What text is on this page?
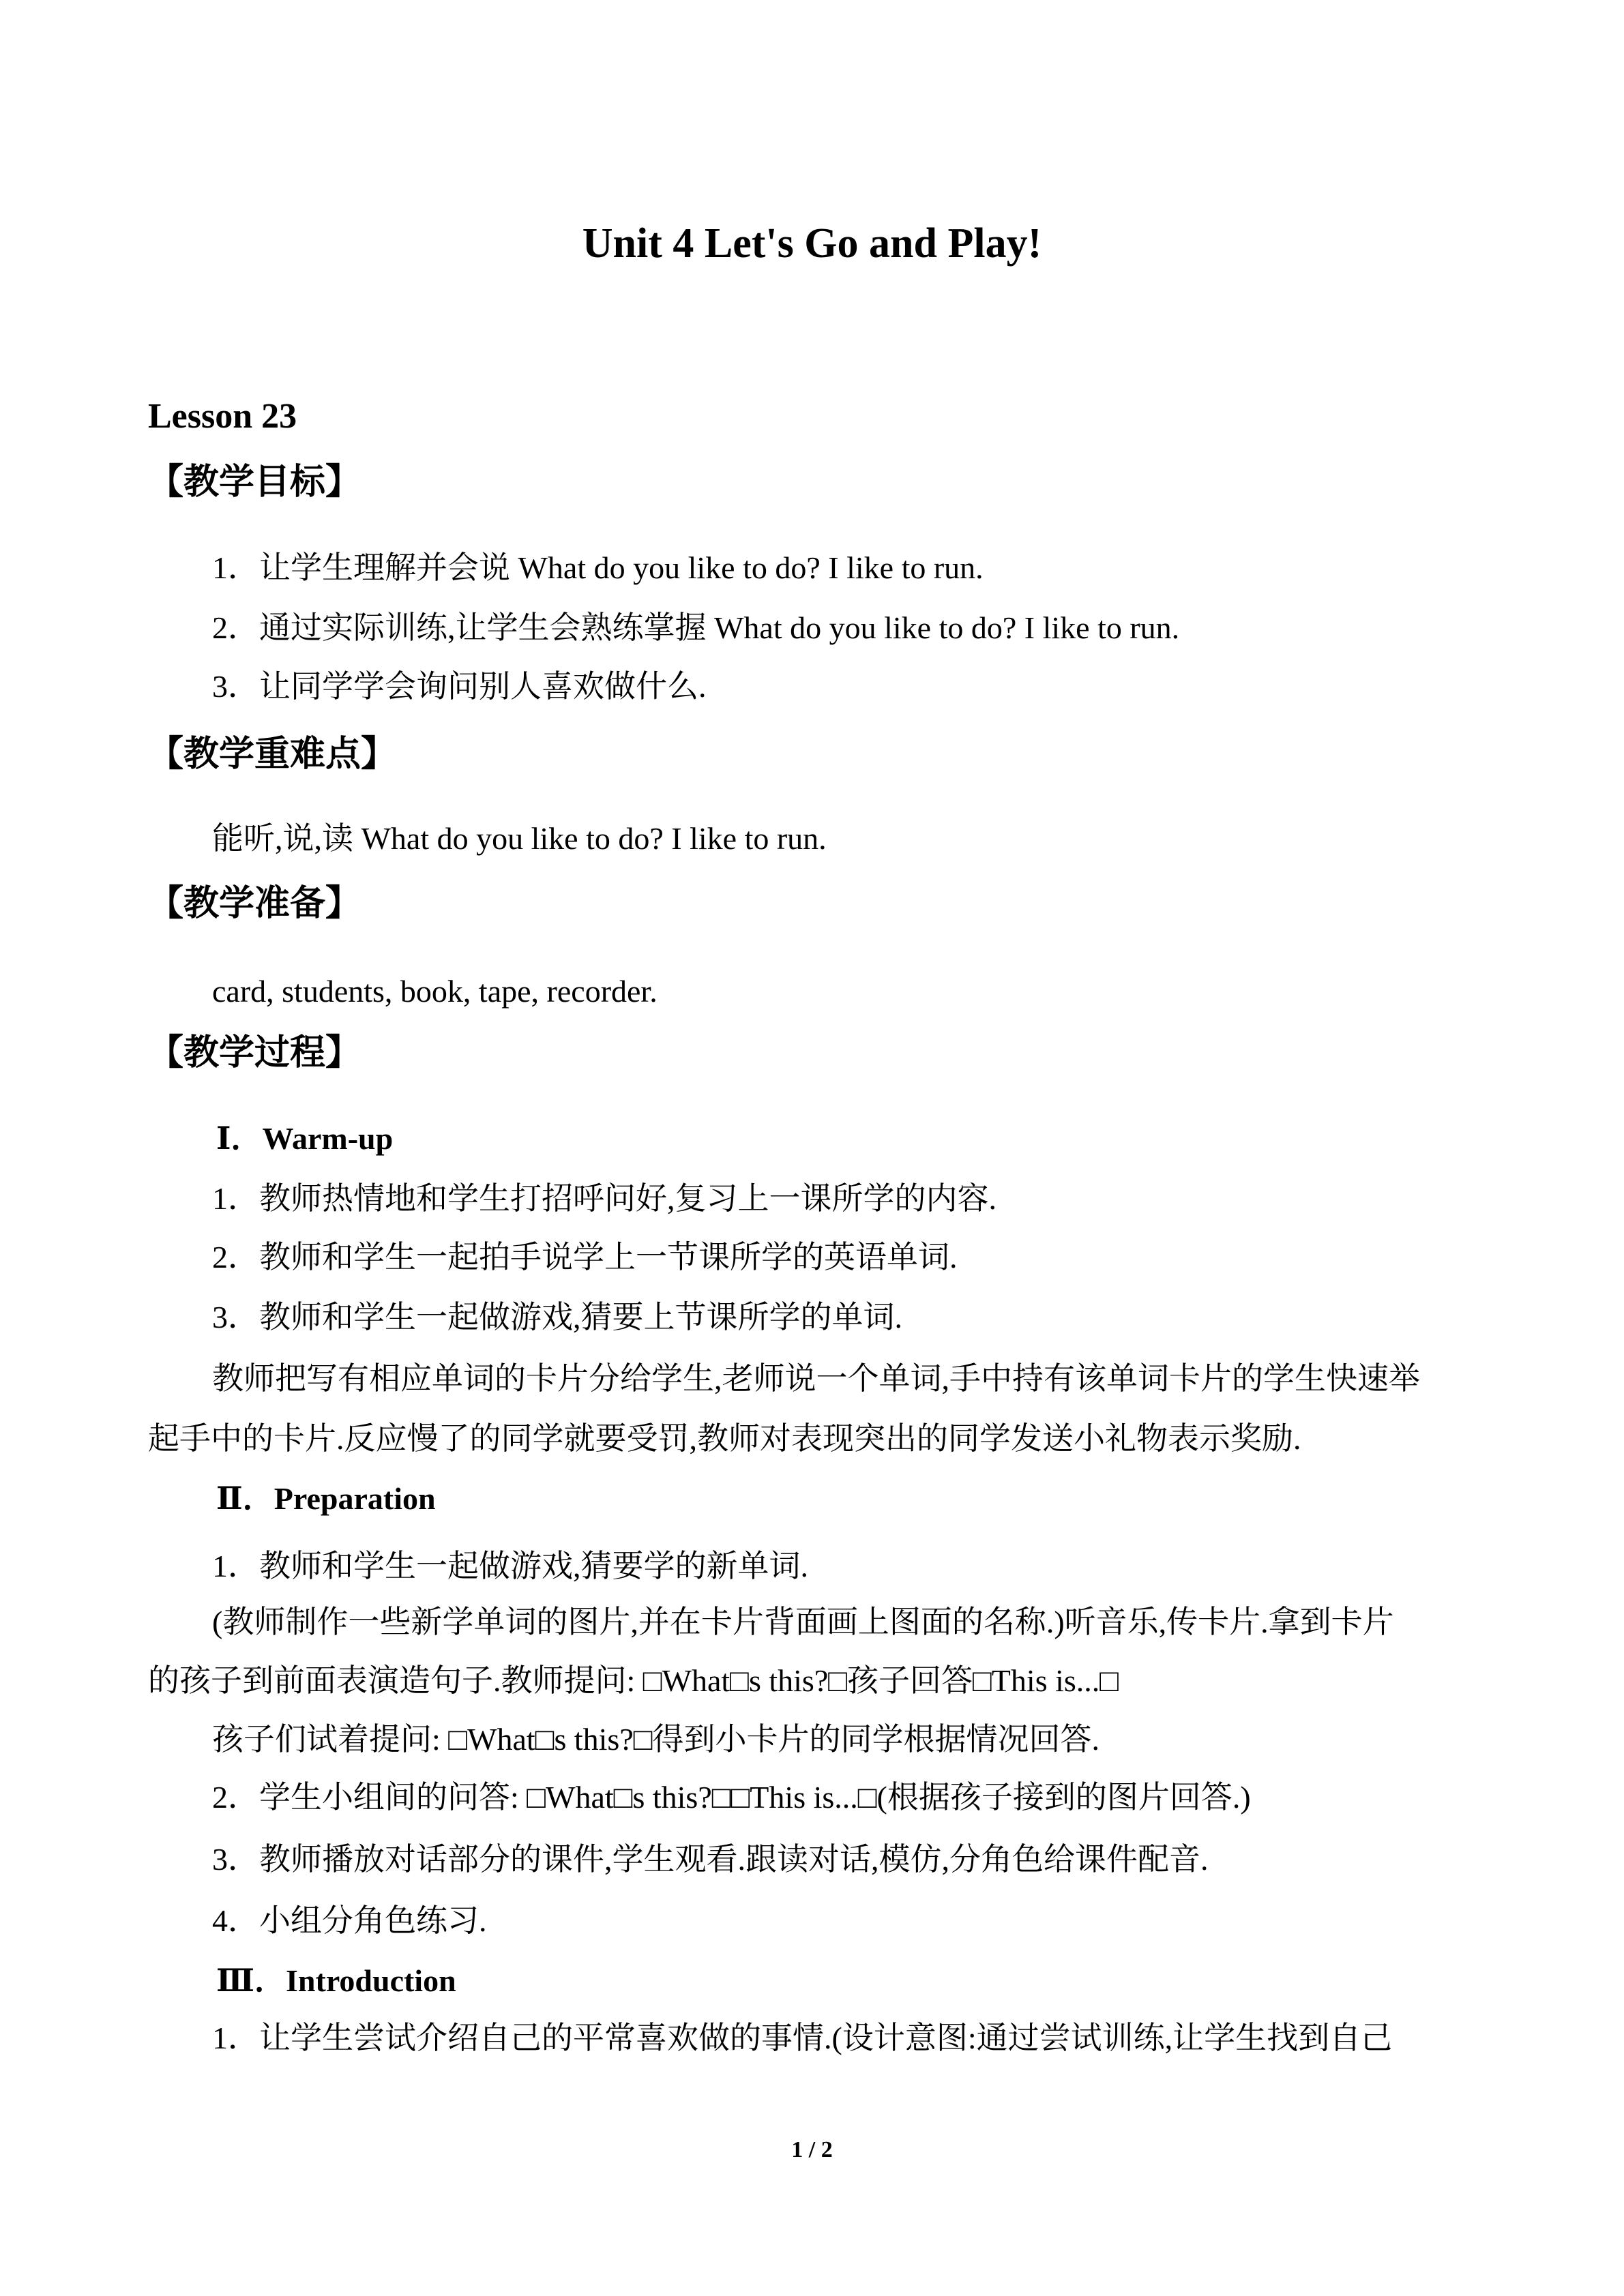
Unit 4 Let's Go and Play!
Lesson 23
【教学目标】
1．让学生理解并会说 What do you like to do? I like to run.
2．通过实际训练,让学生会熟练掌握 What do you like to do? I like to run.
3．让同学学会询问别人喜欢做什么.
【教学重难点】
能听,说,读 What do you like to do? I like to run.
【教学准备】
card, students, book, tape, recorder.
【教学过程】
Ⅰ．Warm-up
1．教师热情地和学生打招呼问好,复习上一课所学的内容.
2．教师和学生一起拍手说学上一节课所学的英语单词.
3．教师和学生一起做游戏,猜要上节课所学的单词.
教师把写有相应单词的卡片分给学生,老师说一个单词,手中持有该单词卡片的学生快速举
起手中的卡片.反应慢了的同学就要受罚,教师对表现突出的同学发送小礼物表示奖励.
Ⅱ．Preparation
1．教师和学生一起做游戏,猜要学的新单词.
(教师制作一些新学单词的图片,并在卡片背面画上图面的名称.)听音乐,传卡片.拿到卡片
的孩子到前面表演造句子.教师提问: □What□s this?□孩子回答□This is...□
孩子们试着提问: □What□s this?□得到小卡片的同学根据情况回答.
2．学生小组间的问答: □What□s this?□□This is...□(根据孩子接到的图片回答.)
3．教师播放对话部分的课件,学生观看.跟读对话,模仿,分角色给课件配音.
4．小组分角色练习.
Ⅲ．Introduction
1．让学生尝试介绍自己的平常喜欢做的事情.(设计意图:通过尝试训练,让学生找到自己
1 / 2
